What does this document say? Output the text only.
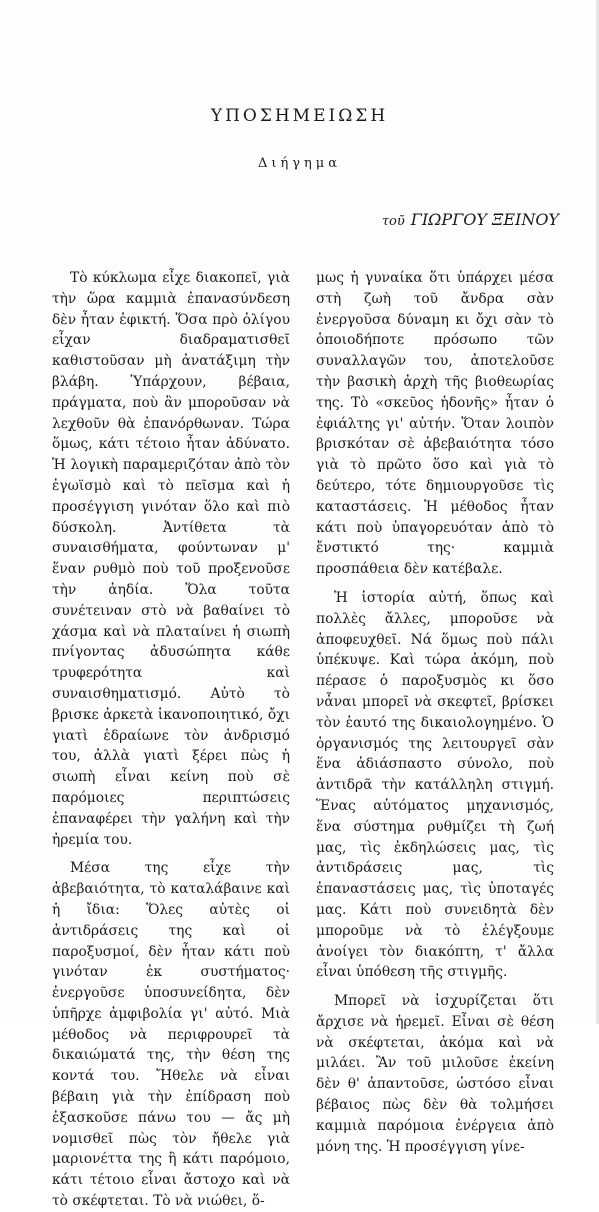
ΥΠΟΣΗΜΕΙΩΣΗ
Διήγημα
τοῦ ΓΙΩΡΓΟΥ ΞΕΙΝΟΥ

Τὸ κύκλωμα εἶχε διακοπεῖ, γιὰ τὴν ὥρα καμμιὰ ἐπανασύνδεση δὲν ἦταν ἐφικτή. Ὅσα πρὸ ὀλίγου εἶχαν διαδραματισθεῖ καθιστοῦσαν μὴ ἀνατάξιμη τὴν βλάβη. Ὑπάρχουν, βέβαια, πράγματα, ποὺ ἂν μποροῦσαν νὰ λεχθοῦν θὰ ἐπανόρθωναν. Τώρα ὅμως, κάτι τέτοιο ἦταν ἀδύνατο. Ἡ λογικὴ παραμεριζόταν ἀπὸ τὸν ἐγωϊσμὸ καὶ τὸ πεῖσμα καὶ ἡ προσέγγιση γινόταν ὅλο καὶ πιὸ δύσκολη. Ἀντίθετα τὰ συναισθήματα, φούντωναν μ' ἕναν ρυθμὸ ποὺ τοῦ προξενοῦσε τὴν ἀηδία. Ὅλα τοῦτα συνέτειναν στὸ νὰ βαθαίνει τὸ χάσμα καὶ νὰ πλαταίνει ἡ σιωπὴ πνίγοντας ἀδυσώπητα κάθε τρυφερότητα καὶ συναισθηματισμό. Αὐτὸ τὸ βρισκε ἀρκετὰ ἱκανοποιητικό, ὄχι γιατὶ ἑδραίωνε τὸν ἀνδρισμό του, ἀλλὰ γιατὶ ξέρει πὼς ἡ σιωπὴ εἶναι κείνη ποὺ σὲ παρόμοιες περιπτώσεις ἐπαναφέρει τὴν γαλήνη καὶ τὴν ἠρεμία του.

Μέσα της εἶχε τὴν ἀβεβαιότητα, τὸ καταλάβαινε καὶ ἡ ἴδια: Ὅλες αὐτὲς οἱ ἀντιδράσεις της καὶ οἱ παροξυσμοί, δὲν ἦταν κάτι ποὺ γινόταν ἐκ συστήματος· ἐνεργοῦσε ὑποσυνείδητα, δὲν ὑπῆρχε ἀμφιβολία γι' αὐτό. Μιὰ μέθοδος νὰ περιφρουρεῖ τὰ δικαιώματά της, τὴν θέση της κοντά του. Ἤθελε νὰ εἶναι βέβαιη γιὰ τὴν ἐπίδραση ποὺ ἐξασκοῦσε πάνω του — ἄς μὴ νομισθεῖ πὼς τὸν ἤθελε γιὰ μαριονέττα της ἢ κάτι παρόμοιο, κάτι τέτοιο εἶναι ἄστοχο καὶ νὰ τὸ σκέφτεται. Τὸ νὰ νιώθει, ὅ-

μως ἡ γυναίκα ὅτι ὑπάρχει μέσα στὴ ζωὴ τοῦ ἄνδρα σὰν ἐνεργοῦσα δύναμη κι ὄχι σὰν τὸ ὁποιοδήποτε πρόσωπο τῶν συναλλαγῶν του, ἀποτελοῦσε τὴν βασικὴ ἀρχὴ τῆς βιοθεωρίας της. Τὸ «σκεῦος ἡδονῆς» ἦταν ὁ ἐφιάλτης γι' αὐτήν. Ὅταν λοιπὸν βρισκόταν σὲ ἀβεβαιότητα τόσο γιὰ τὸ πρῶτο ὅσο καὶ γιὰ τὸ δεύτερο, τότε δημιουργοῦσε τὶς καταστάσεις. Ἡ μέθοδος ἦταν κάτι ποὺ ὑπαγορευόταν ἀπὸ τὸ ἔνστικτό της· καμμιὰ προσπάθεια δὲν κατέβαλε.

Ἡ ἱστορία αὐτή, ὅπως καὶ πολλὲς ἄλλες, μποροῦσε νὰ ἀποφευχθεῖ. Νά ὅμως ποὺ πάλι ὑπέκυψε. Καὶ τώρα ἀκόμη, ποὺ πέρασε ὁ παροξυσμὸς κι ὅσο νἆναι μπορεῖ νὰ σκεφτεῖ, βρίσκει τὸν ἑαυτό της δικαιολογημένο. Ὁ ὀργανισμός της λειτουργεῖ σὰν ἕνα ἀδιάσπαστο σύνολο, ποὺ ἀντιδρᾶ τὴν κατάλληλη στιγμή. Ἕνας αὐτόματος μηχανισμός, ἕνα σύστημα ρυθμίζει τὴ ζωή μας, τὶς ἐκδηλώσεις μας, τὶς ἀντιδράσεις μας, τὶς ἐπαναστάσεις μας, τὶς ὑποταγές μας. Κάτι ποὺ συνειδητὰ δὲν μποροῦμε νὰ τὸ ἐλέγξουμε ἀνοίγει τὸν διακόπτη, τ' ἄλλα εἶναι ὑπόθεση τῆς στιγμῆς.

Μπορεῖ νὰ ἰσχυρίζεται ὅτι ἄρχισε νὰ ἠρεμεῖ. Εἶναι σὲ θέση νὰ σκέφτεται, ἀκόμα καὶ νὰ μιλάει. Ἂν τοῦ μιλοῦσε ἐκείνη δὲν θ' ἀπαντοῦσε, ὡστόσο εἶναι βέβαιος πὼς δὲν θὰ τολμήσει καμμιὰ παρόμοια ἐνέργεια ἀπὸ μόνη της. Ἡ προσέγγιση γίνε-
